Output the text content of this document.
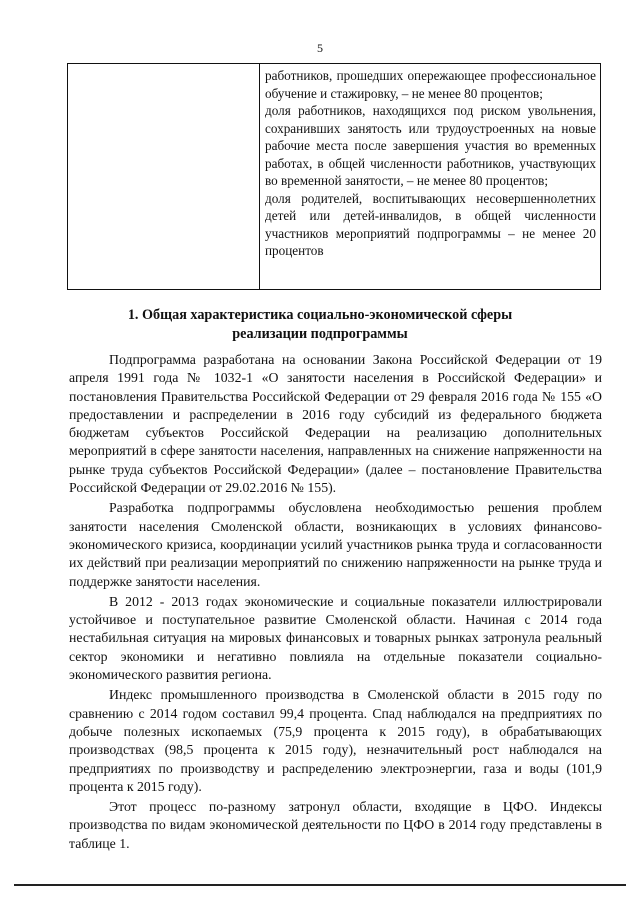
5

работников, прошедших опережающее профессиональное обучение и стажировку, – не менее 80 процентов;

доля работников, находящихся под риском увольнения, сохранивших занятость или трудоустроенных на новые рабочие места после завершения участия во временных работах, в общей численности работников, участвующих во временной занятости, – не менее 80 процентов;

доля родителей, воспитывающих несовершеннолетних детей или детей-инвалидов, в общей численности участников мероприятий подпрограммы – не менее 20 процентов

1. Общая характеристика социально-экономической сферы

реализации подпрограммы

Подпрограмма разработана на основании Закона Российской Федерации от 19 апреля 1991 года № 1032-1 «О занятости населения в Российской Федерации» и постановления Правительства Российской Федерации от 29 февраля 2016 года № 155 «О предоставлении и распределении в 2016 году субсидий из федерального бюджета бюджетам субъектов Российской Федерации на реализацию дополнительных мероприятий в сфере занятости населения, направленных на снижение напряженности на рынке труда субъектов Российской Федерации» (далее – постановление Правительства Российской Федерации от 29.02.2016 № 155).

Разработка подпрограммы обусловлена необходимостью решения проблем занятости населения Смоленской области, возникающих в условиях финансово-экономического кризиса, координации усилий участников рынка труда и согласованности их действий при реализации мероприятий по снижению напряженности на рынке труда и поддержке занятости населения.

В 2012 - 2013 годах экономические и социальные показатели иллюстрировали устойчивое и поступательное развитие Смоленской области. Начиная с 2014 года нестабильная ситуация на мировых финансовых и товарных рынках затронула реальный сектор экономики и негативно повлияла на отдельные показатели социально-экономического развития региона.

Индекс промышленного производства в Смоленской области в 2015 году по сравнению с 2014 годом составил 99,4 процента. Спад наблюдался на предприятиях по добыче полезных ископаемых (75,9 процента к 2015 году), в обрабатывающих производствах (98,5 процента к 2015 году), незначительный рост наблюдался на предприятиях по производству и распределению электроэнергии, газа и воды (101,9 процента к 2015 году).

Этот процесс по-разному затронул области, входящие в ЦФО. Индексы производства по видам экономической деятельности по ЦФО в 2014 году представлены в таблице 1.
